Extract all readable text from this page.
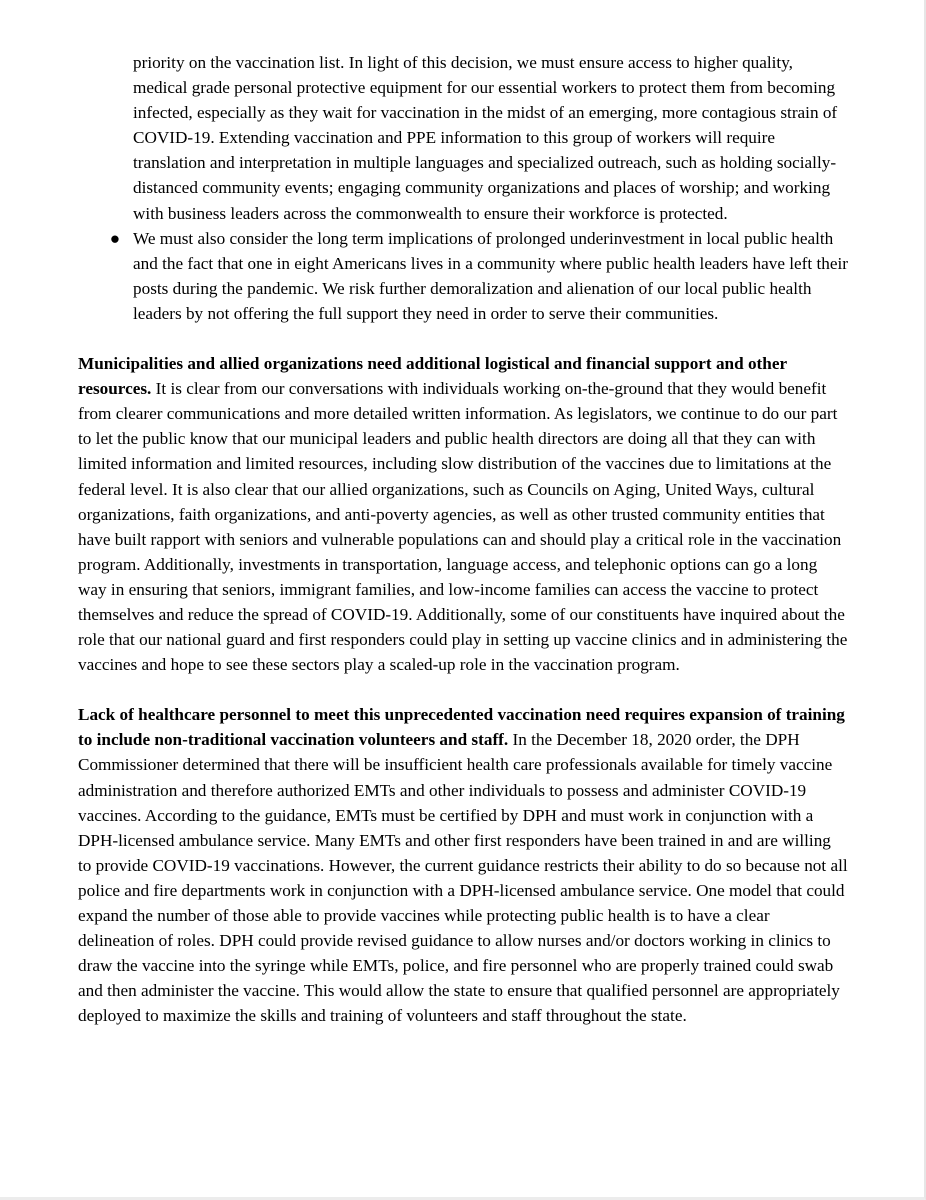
priority on the vaccination list. In light of this decision, we must ensure access to higher quality, medical grade personal protective equipment for our essential workers to protect them from becoming infected, especially as they wait for vaccination in the midst of an emerging, more contagious strain of COVID-19. Extending vaccination and PPE information to this group of workers will require translation and interpretation in multiple languages and specialized outreach, such as holding socially-distanced community events; engaging community organizations and places of worship; and working with business leaders across the commonwealth to ensure their workforce is protected.
● We must also consider the long term implications of prolonged underinvestment in local public health and the fact that one in eight Americans lives in a community where public health leaders have left their posts during the pandemic. We risk further demoralization and alienation of our local public health leaders by not offering the full support they need in order to serve their communities.

Municipalities and allied organizations need additional logistical and financial support and other resources. It is clear from our conversations with individuals working on-the-ground that they would benefit from clearer communications and more detailed written information. As legislators, we continue to do our part to let the public know that our municipal leaders and public health directors are doing all that they can with limited information and limited resources, including slow distribution of the vaccines due to limitations at the federal level. It is also clear that our allied organizations, such as Councils on Aging, United Ways, cultural organizations, faith organizations, and anti-poverty agencies, as well as other trusted community entities that have built rapport with seniors and vulnerable populations can and should play a critical role in the vaccination program. Additionally, investments in transportation, language access, and telephonic options can go a long way in ensuring that seniors, immigrant families, and low-income families can access the vaccine to protect themselves and reduce the spread of COVID-19. Additionally, some of our constituents have inquired about the role that our national guard and first responders could play in setting up vaccine clinics and in administering the vaccines and hope to see these sectors play a scaled-up role in the vaccination program.

Lack of healthcare personnel to meet this unprecedented vaccination need requires expansion of training to include non-traditional vaccination volunteers and staff. In the December 18, 2020 order, the DPH Commissioner determined that there will be insufficient health care professionals available for timely vaccine administration and therefore authorized EMTs and other individuals to possess and administer COVID-19 vaccines. According to the guidance, EMTs must be certified by DPH and must work in conjunction with a DPH-licensed ambulance service. Many EMTs and other first responders have been trained in and are willing to provide COVID-19 vaccinations. However, the current guidance restricts their ability to do so because not all police and fire departments work in conjunction with a DPH-licensed ambulance service. One model that could expand the number of those able to provide vaccines while protecting public health is to have a clear delineation of roles. DPH could provide revised guidance to allow nurses and/or doctors working in clinics to draw the vaccine into the syringe while EMTs, police, and fire personnel who are properly trained could swab and then administer the vaccine. This would allow the state to ensure that qualified personnel are appropriately deployed to maximize the skills and training of volunteers and staff throughout the state.
